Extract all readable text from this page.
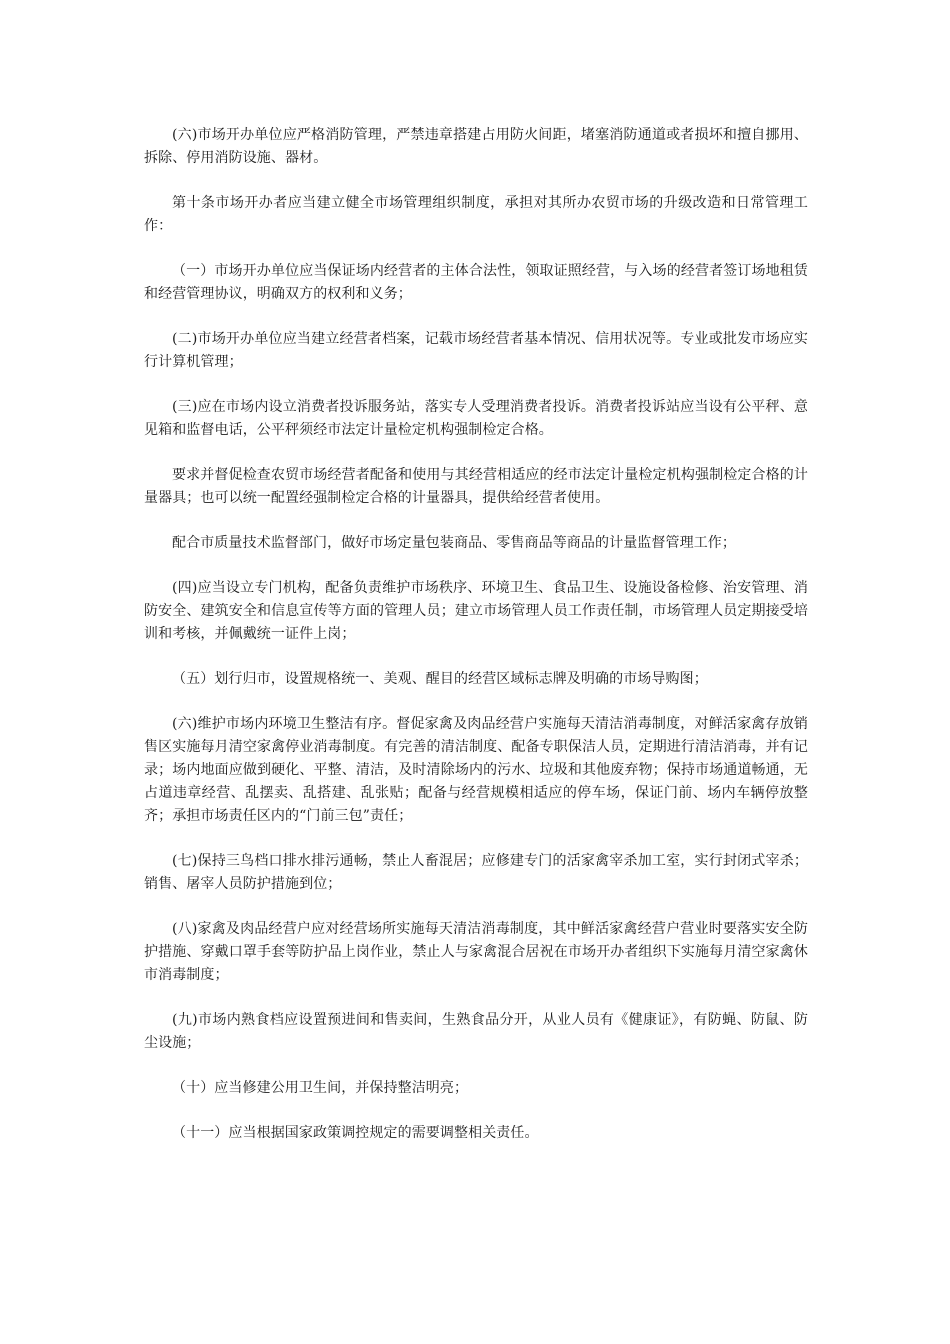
(六)市场开办单位应严格消防管理，严禁违章搭建占用防火间距，堵塞消防通道或者损坏和擅自挪用、拆除、停用消防设施、器材。

第十条市场开办者应当建立健全市场管理组织制度，承担对其所办农贸市场的升级改造和日常管理工作：

（一）市场开办单位应当保证场内经营者的主体合法性，领取证照经营，与入场的经营者签订场地租赁和经营管理协议，明确双方的权利和义务；

(二)市场开办单位应当建立经营者档案，记载市场经营者基本情况、信用状况等。专业或批发市场应实行计算机管理；

(三)应在市场内设立消费者投诉服务站，落实专人受理消费者投诉。消费者投诉站应当设有公平秤、意见箱和监督电话，公平秤须经市法定计量检定机构强制检定合格。

要求并督促检查农贸市场经营者配备和使用与其经营相适应的经市法定计量检定机构强制检定合格的计量器具；也可以统一配置经强制检定合格的计量器具，提供给经营者使用。

配合市质量技术监督部门，做好市场定量包装商品、零售商品等商品的计量监督管理工作；

(四)应当设立专门机构，配备负责维护市场秩序、环境卫生、食品卫生、设施设备检修、治安管理、消防安全、建筑安全和信息宣传等方面的管理人员；建立市场管理人员工作责任制，市场管理人员定期接受培训和考核，并佩戴统一证件上岗；

（五）划行归市，设置规格统一、美观、醒目的经营区域标志牌及明确的市场导购图；

(六)维护市场内环境卫生整洁有序。督促家禽及肉品经营户实施每天清洁消毒制度，对鲜活家禽存放销售区实施每月清空家禽停业消毒制度。有完善的清洁制度、配备专职保洁人员，定期进行清洁消毒，并有记录；场内地面应做到硬化、平整、清洁，及时清除场内的污水、垃圾和其他废弃物；保持市场通道畅通，无占道违章经营、乱摆卖、乱搭建、乱张贴；配备与经营规模相适应的停车场，保证门前、场内车辆停放整齐；承担市场责任区内的“门前三包”责任；

(七)保持三鸟档口排水排污通畅，禁止人畜混居；应修建专门的活家禽宰杀加工室，实行封闭式宰杀；销售、屠宰人员防护措施到位；

(八)家禽及肉品经营户应对经营场所实施每天清洁消毒制度，其中鲜活家禽经营户营业时要落实安全防护措施、穿戴口罩手套等防护品上岗作业，禁止人与家禽混合居祝在市场开办者组织下实施每月清空家禽休市消毒制度；

(九)市场内熟食档应设置预进间和售卖间，生熟食品分开，从业人员有《健康证》，有防蝇、防鼠、防尘设施；

（十）应当修建公用卫生间，并保持整洁明亮；

（十一）应当根据国家政策调控规定的需要调整相关责任。
